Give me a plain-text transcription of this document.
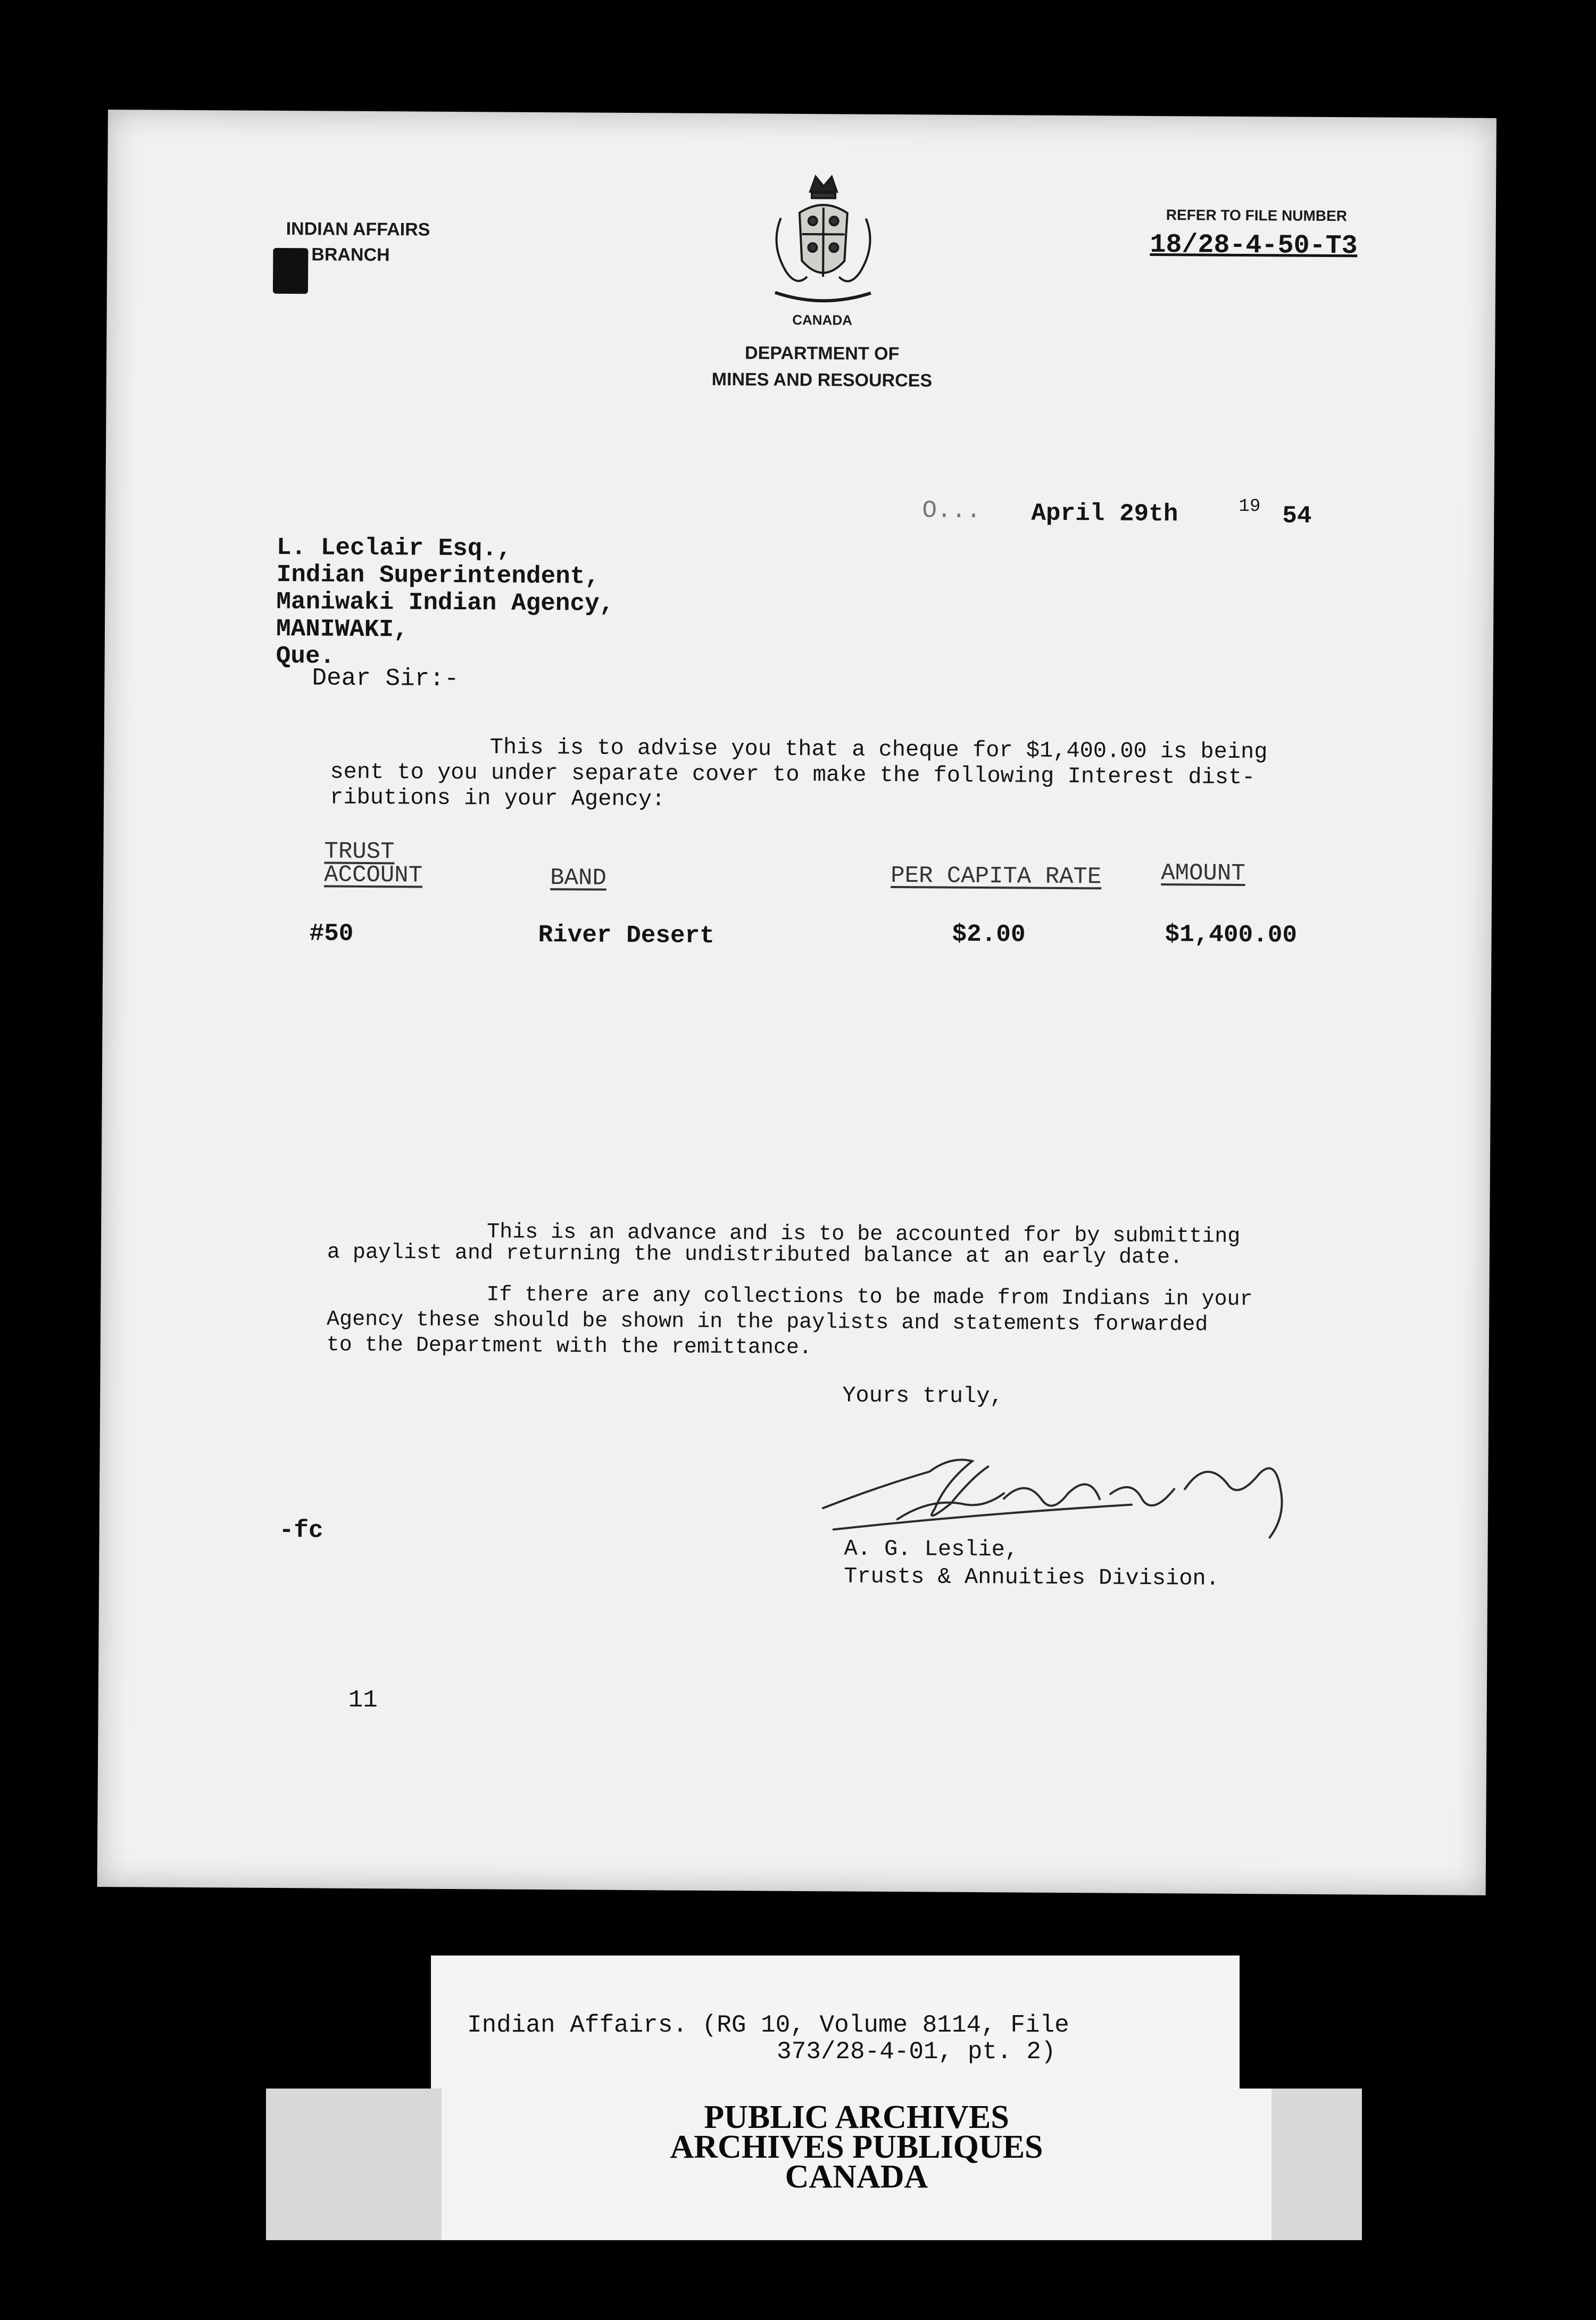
INDIAN AFFAIRS
BRANCH
CANADA
DEPARTMENT OF
MINES AND RESOURCES
REFER TO FILE NUMBER
18/28-4-50-T3
O... April 29th	19 54
L. Leclair Esq.,
Indian Superintendent,
Maniwaki Indian Agency,
MANIWAKI,
Que.
Dear Sir:-
This is to advise you that a cheque for $1,400.00 is being
sent to you under separate cover to make the following Interest dist-
ributions in your Agency:
TRUST
ACCOUNT	BAND	PER CAPITA RATE	AMOUNT
#50	River Desert	$2.00	$1,400.00
This is an advance and is to be accounted for by submitting
a paylist and returning the undistributed balance at an early date.
If there are any collections to be made from Indians in your
Agency these should be shown in the paylists and statements forwarded
to the Department with the remittance.
Yours truly,
A. G. Leslie,
Trusts & Annuities Division.
-fc
11
Indian Affairs. (RG 10, Volume 8114, File
373/28-4-01, pt. 2)
PUBLIC ARCHIVES
ARCHIVES PUBLIQUES
CANADA
